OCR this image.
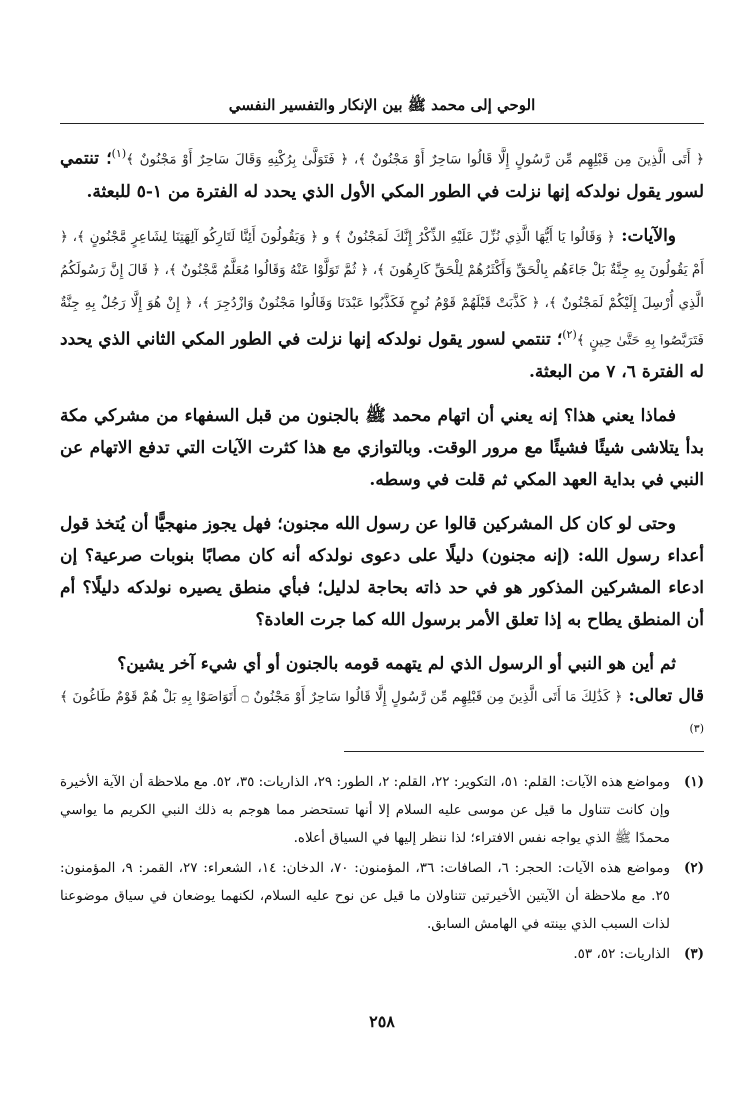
الوحي إلى محمد ﷺ بين الإنكار والتفسير النفسي

﴿ أَتَى الَّذِينَ مِن قَبْلِهِم مِّن رَّسُولٍ إِلَّا قَالُوا سَاحِرٌ أَوْ مَجْنُونٌ ﴾، ﴿ فَتَوَلَّىٰ بِرُكْنِهِ وَقَالَ سَاحِرٌ أَوْ مَجْنُونٌ ﴾$^{(١)}$؛ تنتمي لسور يقول نولدكه إنها نزلت في الطور المكي الأول الذي يحدد له الفترة من ١-٥ للبعثة.

والآيات: ﴿ وَقَالُوا يَا أَيُّهَا الَّذِي نُزِّلَ عَلَيْهِ الذِّكْرُ إِنَّكَ لَمَجْنُونٌ ﴾ و ﴿ وَيَقُولُونَ أَئِنَّا لَتَارِكُو آلِهَتِنَا لِشَاعِرٍ مَّجْنُونٍ ﴾، ﴿ أَمْ يَقُولُونَ بِهِ جِنَّةٌ بَلْ جَاءَهُم بِالْحَقِّ وَأَكْثَرُهُمْ لِلْحَقِّ كَارِهُونَ ﴾، ﴿ ثُمَّ تَوَلَّوْا عَنْهُ وَقَالُوا مُعَلَّمٌ مَّجْنُونٌ ﴾، ﴿ قَالَ إِنَّ رَسُولَكُمُ الَّذِي أُرْسِلَ إِلَيْكُمْ لَمَجْنُونٌ ﴾، ﴿ كَذَّبَتْ قَبْلَهُمْ قَوْمُ نُوحٍ فَكَذَّبُوا عَبْدَنَا وَقَالُوا مَجْنُونٌ وَازْدُجِرَ ﴾، ﴿ إِنْ هُوَ إِلَّا رَجُلٌ بِهِ جِنَّةٌ فَتَرَبَّصُوا بِهِ حَتَّىٰ حِينٍ ﴾$^{(٢)}$؛ تنتمي لسور يقول نولدكه إنها نزلت في الطور المكي الثاني الذي يحدد له الفترة ٦، ٧ من البعثة.

فماذا يعني هذا؟ إنه يعني أن اتهام محمد ﷺ بالجنون من قبل السفهاء من مشركي مكة بدأ يتلاشى شيئًا فشيئًا مع مرور الوقت. وبالتوازي مع هذا كثرت الآيات التي تدفع الاتهام عن النبي في بداية العهد المكي ثم قلت في وسطه.

وحتى لو كان كل المشركين قالوا عن رسول الله مجنون؛ فهل يجوز منهجيًّا أن يُتخذ قول أعداء رسول الله: (إنه مجنون) دليلًا على دعوى نولدكه أنه كان مصابًا بنوبات صرعية؟ إن ادعاء المشركين المذكور هو في حد ذاته بحاجة لدليل؛ فبأي منطق يصيره نولدكه دليلًا؟ أم أن المنطق يطاح به إذا تعلق الأمر برسول الله كما جرت العادة؟

ثم أين هو النبي أو الرسول الذي لم يتهمه قومه بالجنون أو أي شيء آخر يشين؟
قال تعالى: ﴿ كَذَٰلِكَ مَا أَتَى الَّذِينَ مِن قَبْلِهِم مِّن رَّسُولٍ إِلَّا قَالُوا سَاحِرٌ أَوْ مَجْنُونٌ ۝ أَتَوَاصَوْا بِهِ بَلْ هُمْ قَوْمٌ طَاغُونَ ﴾$^{(٣)}$

(١)
ومواضع هذه الآيات: القلم: ٥١، التكوير: ٢٢، القلم: ٢، الطور: ٢٩، الذاريات: ٣٥، ٥٢. مع ملاحظة أن الآية الأخيرة وإن كانت تتناول ما قيل عن موسى عليه السلام إلا أنها تستحضر مما هوجم به ذلك النبي الكريم ما يواسي محمدًا ﷺ الذي يواجه نفس الافتراء؛ لذا ننظر إليها في السياق أعلاه.
(٢)
ومواضع هذه الآيات: الحجر: ٦، الصافات: ٣٦، المؤمنون: ٧٠، الدخان: ١٤، الشعراء: ٢٧، القمر: ٩، المؤمنون: ٢٥. مع ملاحظة أن الآيتين الأخيرتين تتناولان ما قيل عن نوح عليه السلام، لكنهما يوضعان في سياق موضوعنا لذات السبب الذي بينته في الهامش السابق.
(٣)
الذاريات: ٥٢، ٥٣.
٢٥٨
